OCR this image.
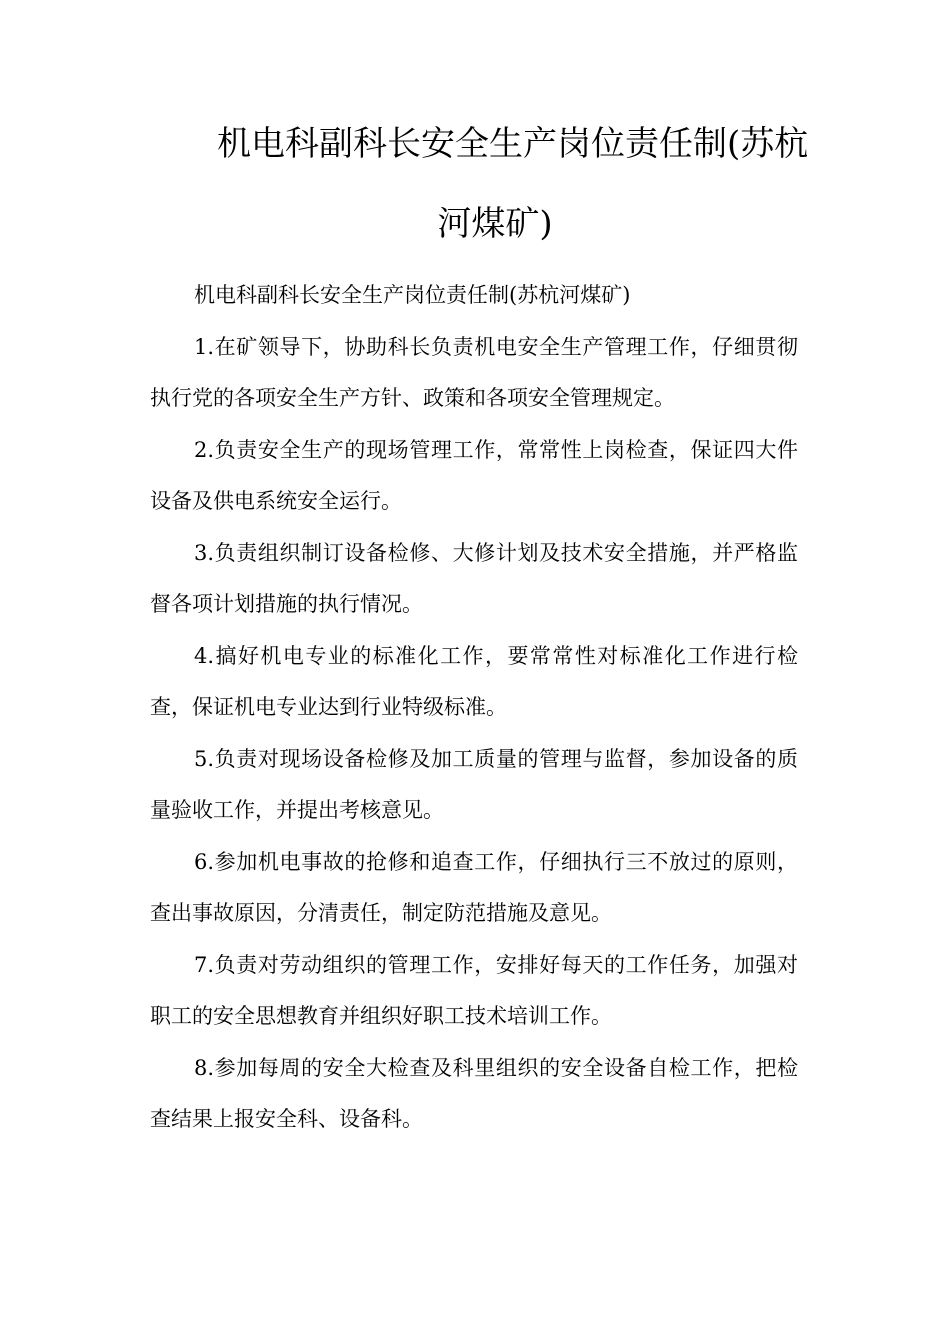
机电科副科长安全生产岗位责任制(苏杭
河煤矿)

机电科副科长安全生产岗位责任制(苏杭河煤矿)

1.在矿领导下，协助科长负责机电安全生产管理工作，仔细贯彻执行党的各项安全生产方针、政策和各项安全管理规定。

2.负责安全生产的现场管理工作，常常性上岗检查，保证四大件设备及供电系统安全运行。

3.负责组织制订设备检修、大修计划及技术安全措施，并严格监督各项计划措施的执行情况。

4.搞好机电专业的标准化工作，要常常性对标准化工作进行检查，保证机电专业达到行业特级标准。

5.负责对现场设备检修及加工质量的管理与监督，参加设备的质量验收工作，并提出考核意见。

6.参加机电事故的抢修和追查工作，仔细执行三不放过的原则，查出事故原因，分清责任，制定防范措施及意见。

7.负责对劳动组织的管理工作，安排好每天的工作任务，加强对职工的安全思想教育并组织好职工技术培训工作。

8.参加每周的安全大检查及科里组织的安全设备自检工作，把检查结果上报安全科、设备科。
